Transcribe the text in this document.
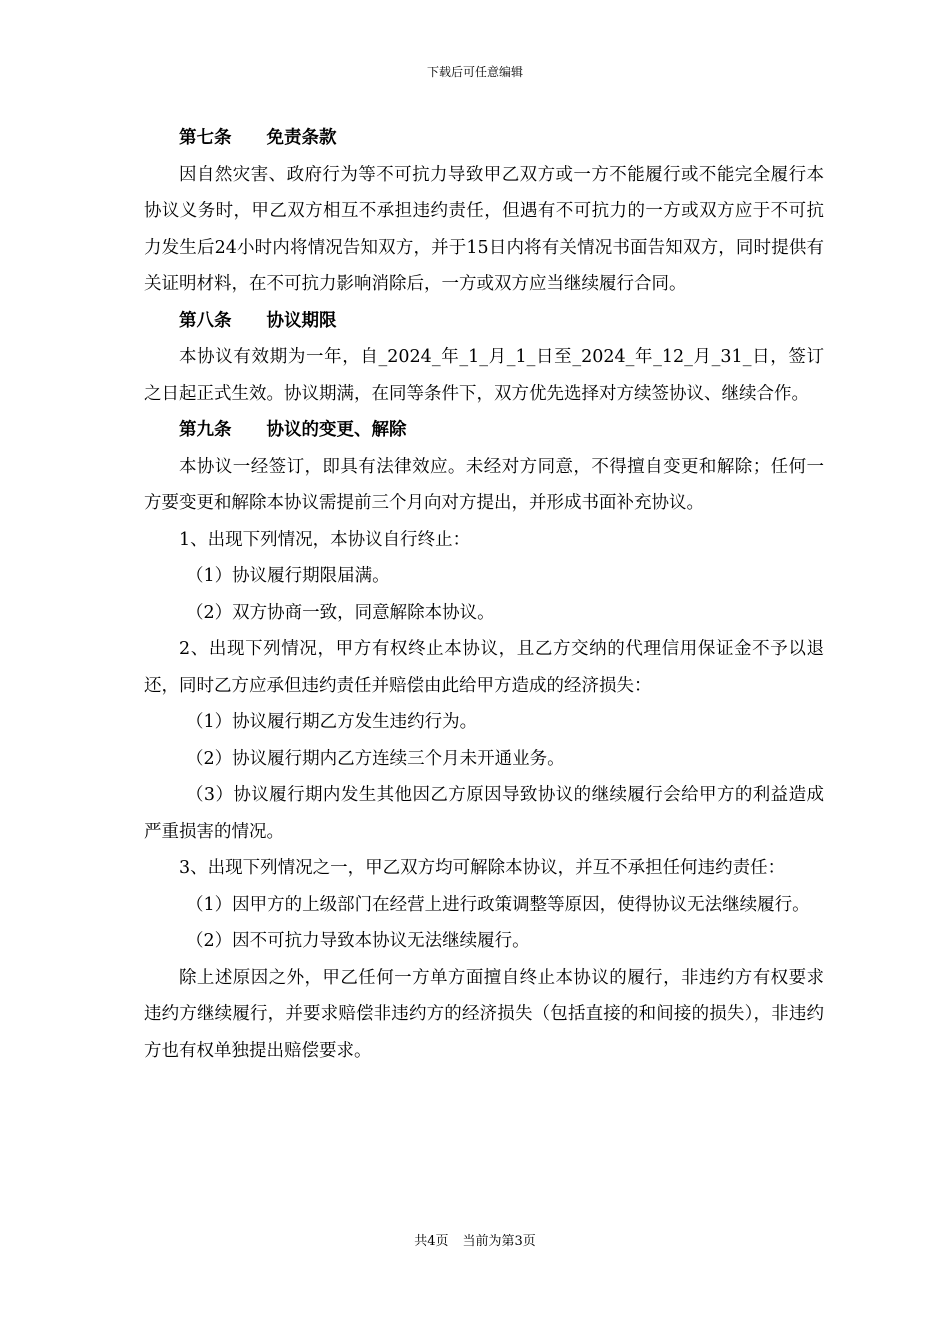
下载后可任意编辑

第七条 免责条款

因自然灾害、政府行为等不可抗力导致甲乙双方或一方不能履行或不能完全履行本协议义务时，甲乙双方相互不承担违约责任，但遇有不可抗力的一方或双方应于不可抗力发生后24小时内将情况告知双方，并于15日内将有关情况书面告知双方，同时提供有关证明材料，在不可抗力影响消除后，一方或双方应当继续履行合同。

第八条 协议期限

本协议有效期为一年，自_2024_年_1_月_1_日至_2024_年_12_月_31_日，签订之日起正式生效。协议期满，在同等条件下，双方优先选择对方续签协议、继续合作。

第九条 协议的变更、解除

本协议一经签订，即具有法律效应。未经对方同意，不得擅自变更和解除；任何一方要变更和解除本协议需提前三个月向对方提出，并形成书面补充协议。

1、出现下列情况，本协议自行终止：

（1）协议履行期限届满。

（2）双方协商一致，同意解除本协议。

2、出现下列情况，甲方有权终止本协议，且乙方交纳的代理信用保证金不予以退还，同时乙方应承但违约责任并赔偿由此给甲方造成的经济损失：

（1）协议履行期乙方发生违约行为。

（2）协议履行期内乙方连续三个月未开通业务。

（3）协议履行期内发生其他因乙方原因导致协议的继续履行会给甲方的利益造成严重损害的情况。

3、出现下列情况之一，甲乙双方均可解除本协议，并互不承担任何违约责任：

（1）因甲方的上级部门在经营上进行政策调整等原因，使得协议无法继续履行。

（2）因不可抗力导致本协议无法继续履行。

除上述原因之外，甲乙任何一方单方面擅自终止本协议的履行，非违约方有权要求违约方继续履行，并要求赔偿非违约方的经济损失（包括直接的和间接的损失），非违约方也有权单独提出赔偿要求。

共4页 当前为第3页
